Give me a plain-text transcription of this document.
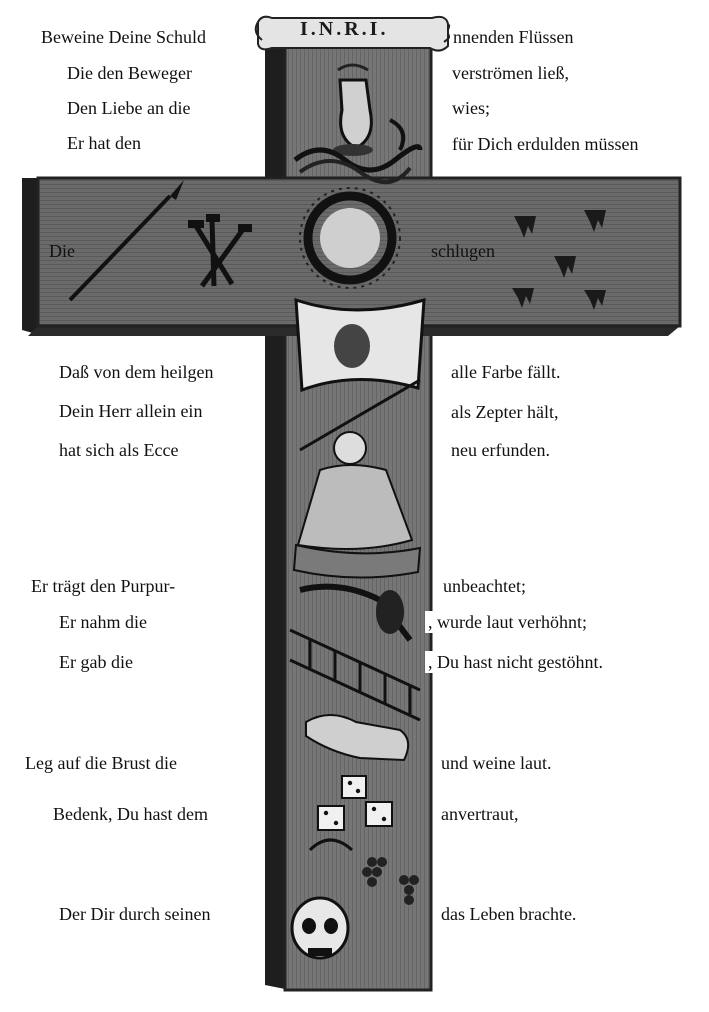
I.N.R.I.
Beweine Deine Schuld	nnenden Flüssen
Die den Beweger	verströmen ließ,
Den Liebe an die	wies;
Er hat den	für Dich erdulden müssen
Die	schlugen
Daß von dem heilgen	alle Farbe fällt.
Dein Herr allein ein	als Zepter hält,
hat sich als Ecce	neu erfunden.
Er trägt den Purpur-	unbeachtet;
Er nahm die	, wurde laut verhöhnt;
Er gab die	, Du hast nicht gestöhnt.
Leg auf die Brust die	und weine laut.
Bedenk, Du hast dem	anvertraut,
Der Dir durch seinen	das Leben brachte.
